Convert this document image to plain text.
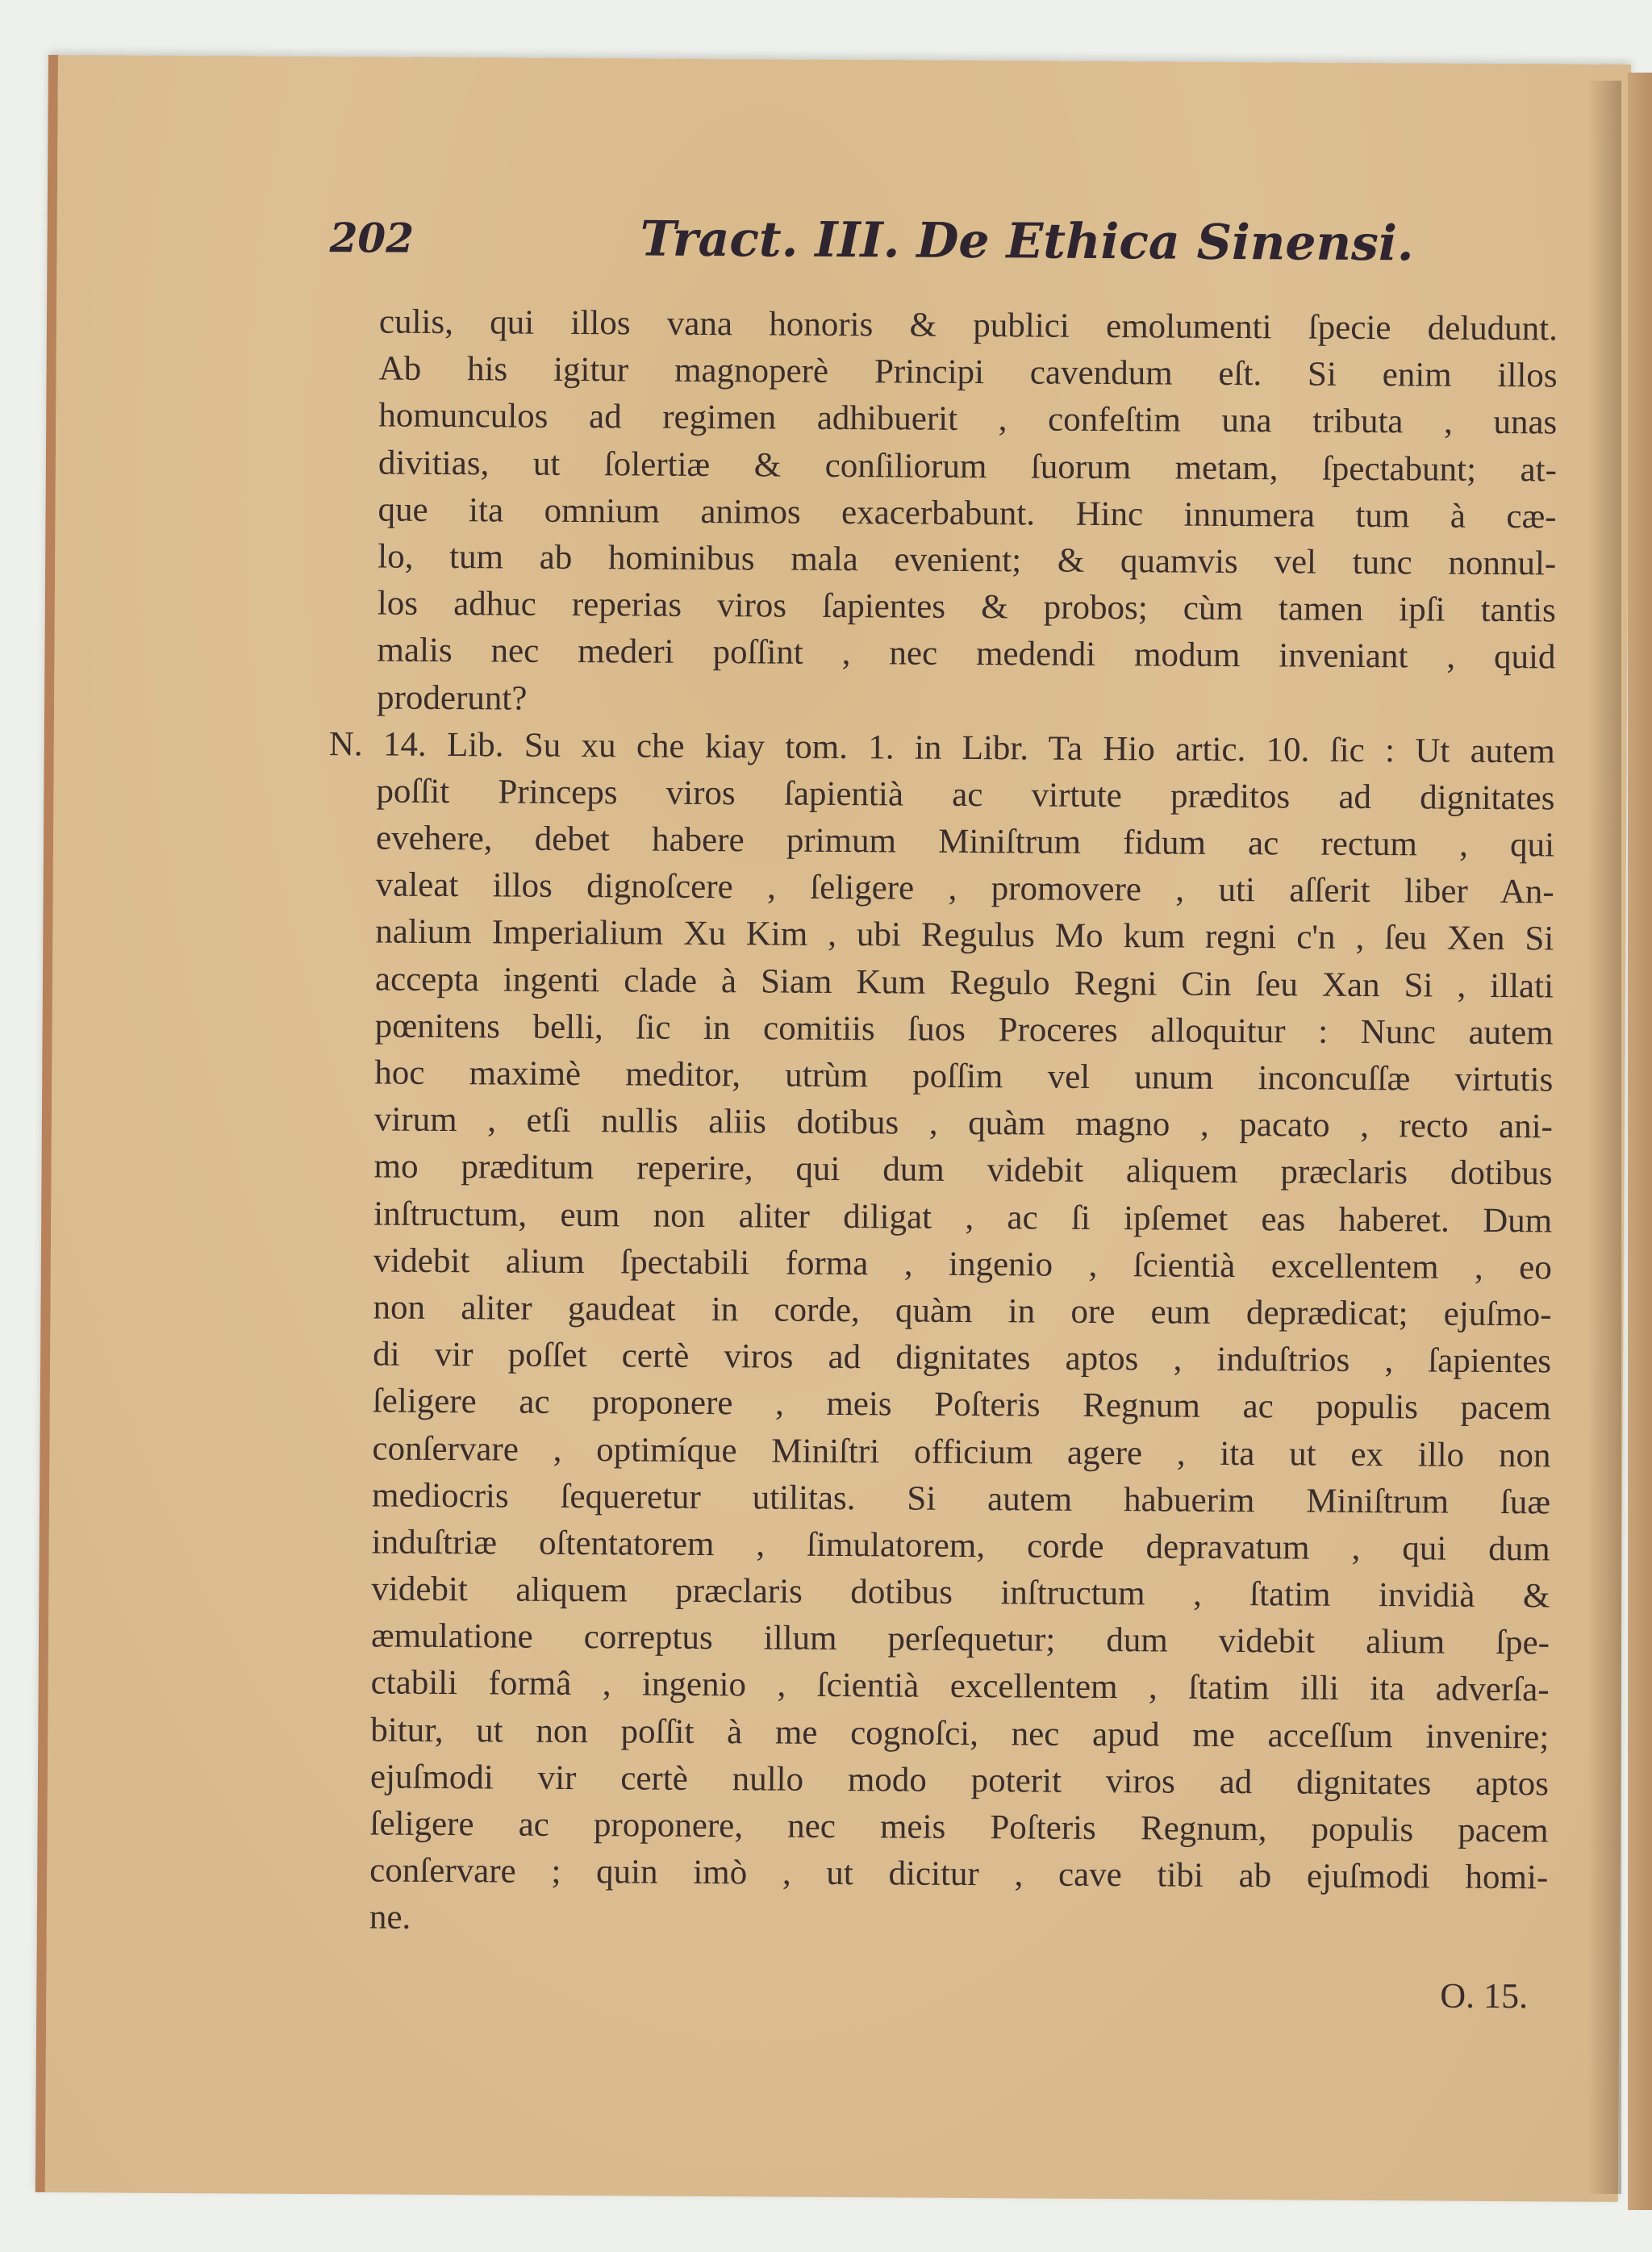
202	Tract. III. De Ethica Sinensi.
culis, qui illos vana honoris & publici emolumenti ſpecie deludunt.
Ab his igitur magnoperè Principi cavendum eſt. Si enim illos
homunculos ad regimen adhibuerit , confeſtim una tributa , unas
divitias, ut ſolertiæ & conſiliorum ſuorum metam, ſpectabunt; at-
que ita omnium animos exacerbabunt. Hinc innumera tum à cæ-
lo, tum ab hominibus mala evenient; & quamvis vel tunc nonnul-
los adhuc reperias viros ſapientes & probos; cùm tamen ipſi tantis
malis nec mederi poſſint , nec medendi modum inveniant , quid
proderunt?
N. 14. Lib. Su xu che kiay tom. 1. in Libr. Ta Hio artic. 10. ſic : Ut autem
poſſit Princeps viros ſapientià ac virtute præditos ad dignitates
evehere, debet habere primum Miniſtrum fidum ac rectum , qui
valeat illos dignoſcere , ſeligere , promovere , uti aſſerit liber An-
nalium Imperialium Xu Kim , ubi Regulus Mo kum regni c'n , ſeu Xen Si
accepta ingenti clade à Siam Kum Regulo Regni Cin ſeu Xan Si , illati
pœnitens belli, ſic in comitiis ſuos Proceres alloquitur : Nunc autem
hoc maximè meditor, utrùm poſſim vel unum inconcuſſæ virtutis
virum , etſi nullis aliis dotibus , quàm magno , pacato , recto ani-
mo præditum reperire, qui dum videbit aliquem præclaris dotibus
inſtructum, eum non aliter diligat , ac ſi ipſemet eas haberet. Dum
videbit alium ſpectabili forma , ingenio , ſcientià excellentem , eo
non aliter gaudeat in corde, quàm in ore eum deprædicat; ejuſmo-
di vir poſſet certè viros ad dignitates aptos , induſtrios , ſapientes
ſeligere ac proponere , meis Poſteris Regnum ac populis pacem
conſervare , optimíque Miniſtri officium agere , ita ut ex illo non
mediocris ſequeretur utilitas. Si autem habuerim Miniſtrum ſuæ
induſtriæ oſtentatorem , ſimulatorem, corde depravatum , qui dum
videbit aliquem præclaris dotibus inſtructum , ſtatim invidià &
æmulatione correptus illum perſequetur; dum videbit alium ſpe-
ctabili formâ , ingenio , ſcientià excellentem , ſtatim illi ita adverſa-
bitur, ut non poſſit à me cognoſci, nec apud me acceſſum invenire;
ejuſmodi vir certè nullo modo poterit viros ad dignitates aptos
ſeligere ac proponere, nec meis Poſteris Regnum, populis pacem
conſervare ; quin imò , ut dicitur , cave tibi ab ejuſmodi homi-
ne.
O. 15.
